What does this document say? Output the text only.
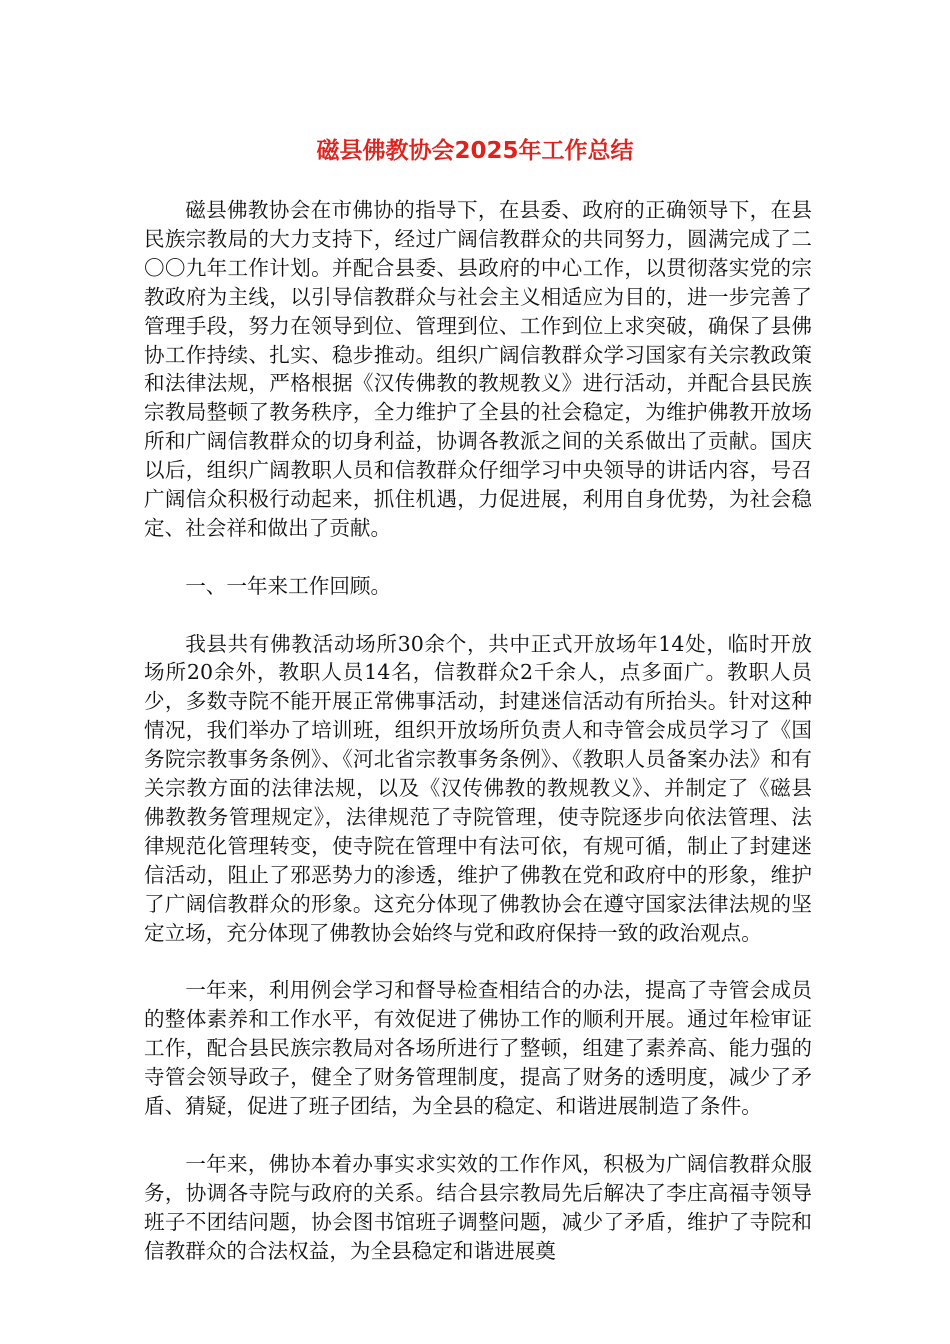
磁县佛教协会2025年工作总结

磁县佛教协会在市佛协的指导下，在县委、政府的正确领导下，在县民族宗教局的大力支持下，经过广阔信教群众的共同努力，圆满完成了二〇〇九年工作计划。并配合县委、县政府的中心工作，以贯彻落实党的宗教政府为主线，以引导信教群众与社会主义相适应为目的，进一步完善了管理手段，努力在领导到位、管理到位、工作到位上求突破，确保了县佛协工作持续、扎实、稳步推动。组织广阔信教群众学习国家有关宗教政策和法律法规，严格根据《汉传佛教的教规教义》进行活动，并配合县民族宗教局整顿了教务秩序，全力维护了全县的社会稳定，为维护佛教开放场所和广阔信教群众的切身利益，协调各教派之间的关系做出了贡献。国庆以后，组织广阔教职人员和信教群众仔细学习中央领导的讲话内容，号召广阔信众积极行动起来，抓住机遇，力促进展，利用自身优势，为社会稳定、社会祥和做出了贡献。

一、一年来工作回顾。

我县共有佛教活动场所30余个，共中正式开放场年14处，临时开放场所20余外，教职人员14名，信教群众2千余人，点多面广。教职人员少，多数寺院不能开展正常佛事活动，封建迷信活动有所抬头。针对这种情况，我们举办了培训班，组织开放场所负责人和寺管会成员学习了《国务院宗教事务条例》、《河北省宗教事务条例》、《教职人员备案办法》和有关宗教方面的法律法规，以及《汉传佛教的教规教义》、并制定了《磁县佛教教务管理规定》，法律规范了寺院管理，使寺院逐步向依法管理、法律规范化管理转变，使寺院在管理中有法可依，有规可循，制止了封建迷信活动，阻止了邪恶势力的渗透，维护了佛教在党和政府中的形象，维护了广阔信教群众的形象。这充分体现了佛教协会在遵守国家法律法规的坚定立场，充分体现了佛教协会始终与党和政府保持一致的政治观点。

一年来，利用例会学习和督导检查相结合的办法，提高了寺管会成员的整体素养和工作水平，有效促进了佛协工作的顺利开展。通过年检审证工作，配合县民族宗教局对各场所进行了整顿，组建了素养高、能力强的寺管会领导政子，健全了财务管理制度，提高了财务的透明度，减少了矛盾、猜疑，促进了班子团结，为全县的稳定、和谐进展制造了条件。

一年来，佛协本着办事实求实效的工作作风，积极为广阔信教群众服务，协调各寺院与政府的关系。结合县宗教局先后解决了李庄高福寺领导班子不团结问题，协会图书馆班子调整问题，减少了矛盾，维护了寺院和信教群众的合法权益，为全县稳定和谐进展奠
